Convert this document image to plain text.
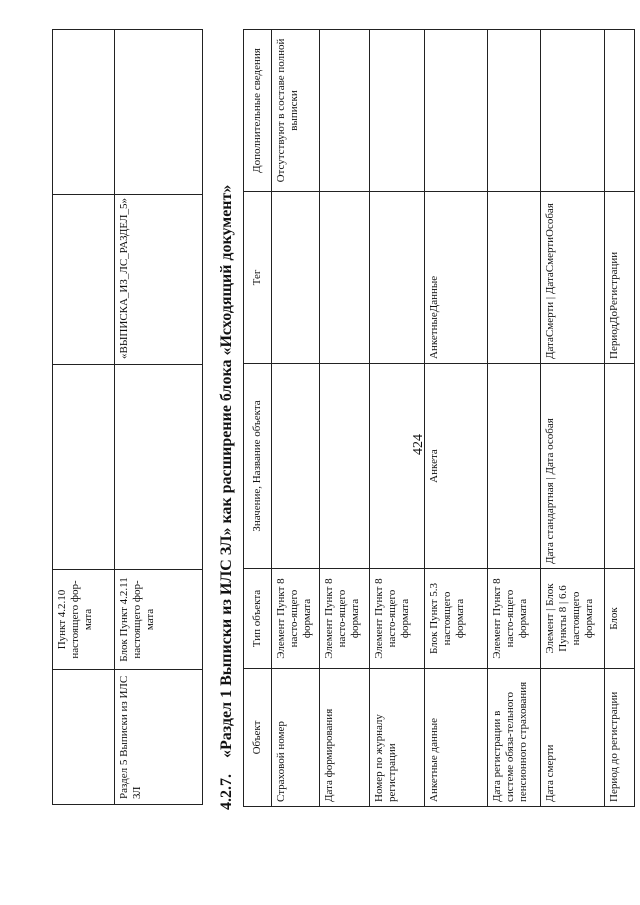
424
	Пункт 4.2.10 настоящего фор-мата			
Раздел 5 Выписки из ИЛС ЗЛ	Блок Пункт 4.2.11 настоящего фор-мата		«ВЫПИСКА_ИЗ_ЛС_РАЗДЕЛ_5»	
4.2.7.«Раздел 1 Выписки из ИЛС ЗЛ» как расширение блока «Исходящий документ» Объект	Тип объекта	Значение, Название объекта	Тег	Дополнительные сведения
Страховой номер	Элемент Пункт 8 насто-ящего формата			Отсутствуют в составе полной выписки
Дата формирования	Элемент Пункт 8 насто-ящего формата			
Номер по журналу регистрации	Элемент Пункт 8 насто-ящего формата			
Анкетные данные	Блок Пункт 5.3 настоящего формата	Анкета	АнкетныеДанные	
Дата регистрации в системе обяза-тельного пенсионного страхования	Элемент Пункт 8 насто-ящего формата			
Дата смерти	Элемент | Блок Пункты 8 | 6.6 настоящего формата	Дата стандартная | Дата особая	ДатаСмерти | ДатаСмертиОсобая	
Период до регистрации	Блок		ПериодДоРегистрации	
